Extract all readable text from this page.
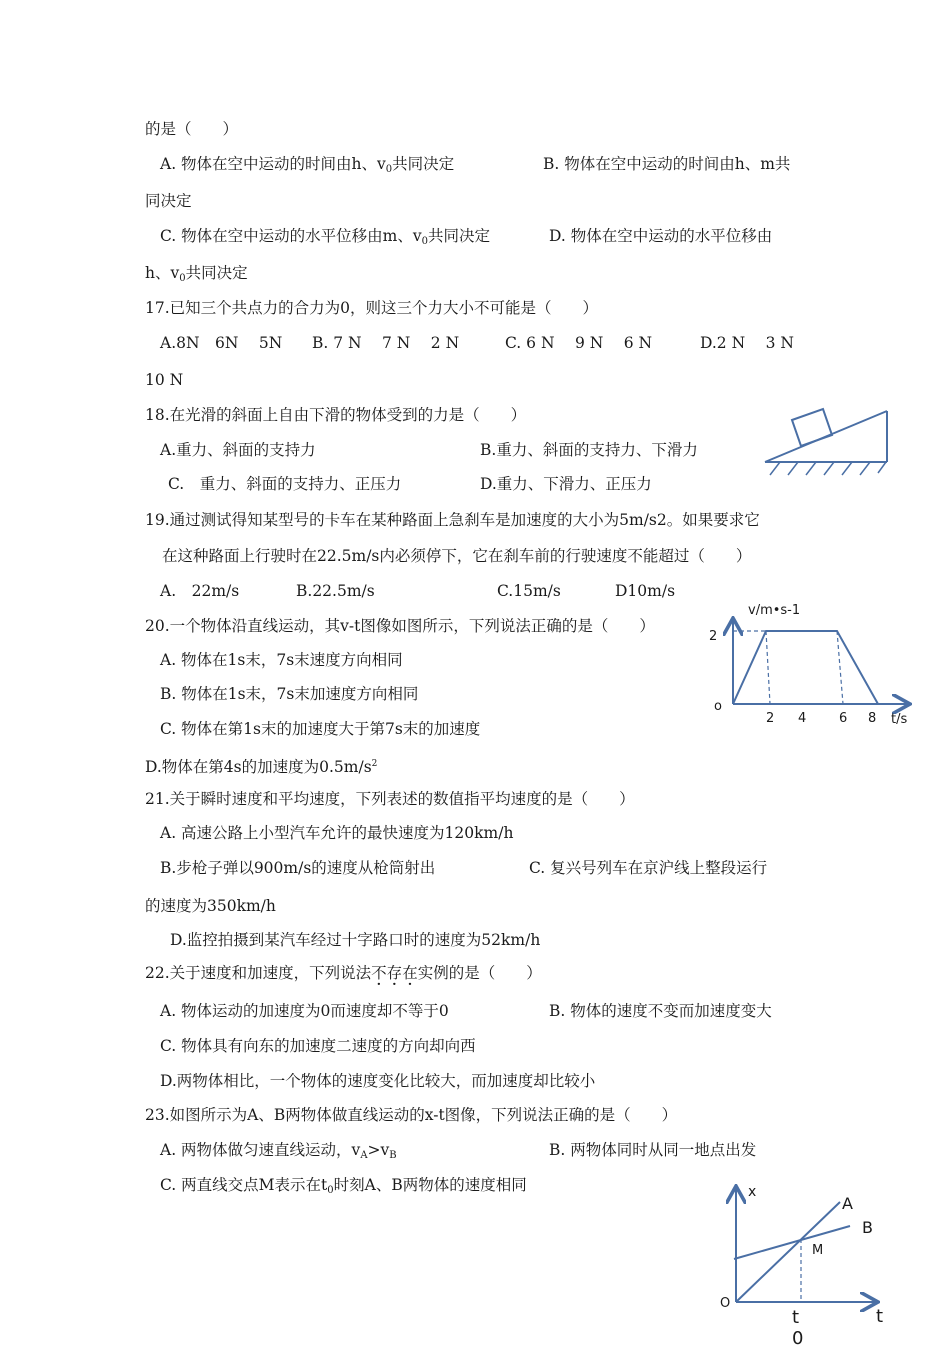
的是（　　）
A. 物体在空中运动的时间由h、$v_0$共同决定	B. 物体在空中运动的时间由h、m共
同决定
C. 物体在空中运动的水平位移由m、$v_0$共同决定	D. 物体在空中运动的水平位移由
h、$v_0$共同决定
17.已知三个共点力的合力为0，则这三个力大小不可能是（　　）
A.8N　6N　 5N B. 7 N　 7 N　 2 N	C. 6 N　 9 N　 6 N	D.2 N　 3 N
10 N
18.在光滑的斜面上自由下滑的物体受到的力是（　　）
A.重力、斜面的支持力	B.重力、斜面的支持力、下滑力
C.　重力、斜面的支持力、正压力	D.重力、下滑力、正压力
19.通过测试得知某型号的卡车在某种路面上急刹车是加速度的大小为5m/s2。如果要求它
在这种路面上行驶时在22.5m/s内必须停下，它在刹车前的行驶速度不能超过（　　）
A.　22m/s	B.22.5m/s	C.15m/s	D10m/s
20.一个物体沿直线运动，其v-t图像如图所示，下列说法正确的是（　　）
A. 物体在1s末，7s末速度方向相同
B. 物体在1s末，7s末加速度方向相同
C. 物体在第1s末的加速度大于第7s末的加速度
D.物体在第4s的加速度为$0.5m/s^2$
v/m•s-1
2
o
2 4	6 8 t/s
21.关于瞬时速度和平均速度，下列表述的数值指平均速度的是（　　）
A. 高速公路上小型汽车允许的最快速度为120km/h
B.步枪子弹以900m/s的速度从枪筒射出	C. 复兴号列车在京沪线上整段运行
的速度为350km/h
D.监控拍摄到某汽车经过十字路口时的速度为52km/h
22.关于速度和加速度，下列说法不存在实例的是（　　）
A. 物体运动的加速度为0而速度却不等于0	B. 物体的速度不变而加速度变大
C. 物体具有向东的加速度二速度的方向却向西
D.两物体相比，一个物体的速度变化比较大，而加速度却比较小
23.如图所示为A、B两物体做直线运动的x-t图像，下列说法正确的是（　　）
A. 两物体做匀速直线运动，$v_A>v_B$	B. 两物体同时从同一地点出发
C. 两直线交点M表示在$t_0$时刻A、B两物体的速度相同	x
O
A
B
M
t
0
t
